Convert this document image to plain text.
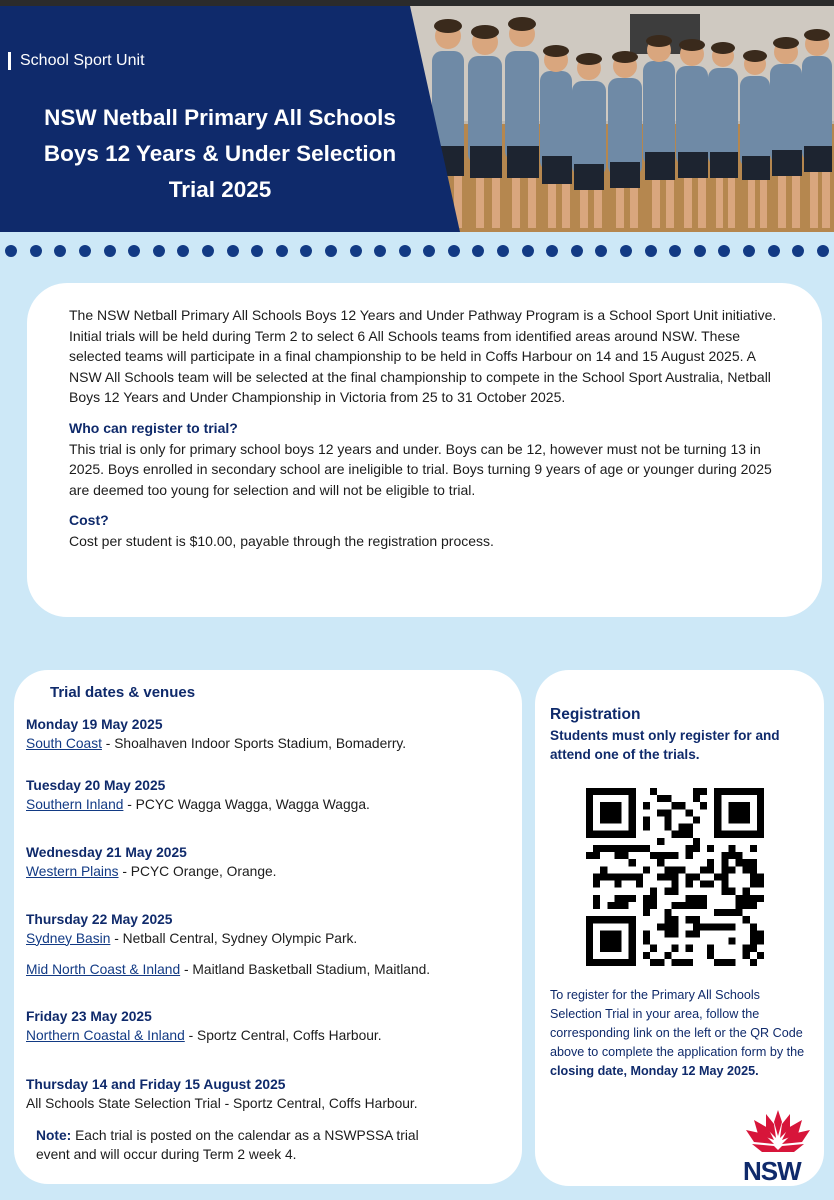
School Sport Unit
NSW Netball Primary All Schools
Boys 12 Years & Under Selection
Trial 2025

The NSW Netball Primary All Schools Boys 12 Years and Under Pathway Program is a School Sport Unit initiative. Initial trials will be held during Term 2 to select 6 All Schools teams from identified areas around NSW. These selected teams will participate in a final championship to be held in Coffs Harbour on 14 and 15 August 2025. A NSW All Schools team will be selected at the final championship to compete in the School Sport Australia, Netball Boys 12 Years and Under Championship in Victoria from 25 to 31 October 2025.

Who can register to trial?

This trial is only for primary school boys 12 years and under. Boys can be 12, however must not be turning 13 in 2025. Boys enrolled in secondary school are ineligible to trial. Boys turning 9 years of age or younger during 2025 are deemed too young for selection and will not be eligible to trial.

Cost?

Cost per student is $10.00, payable through the registration process.

Trial dates & venues
Monday 19 May 2025
South Coast - Shoalhaven Indoor Sports Stadium, Bomaderry.
Tuesday 20 May 2025
Southern Inland - PCYC Wagga Wagga, Wagga Wagga.
Wednesday 21 May 2025
Western Plains - PCYC Orange, Orange.
Thursday 22 May 2025
Sydney Basin - Netball Central, Sydney Olympic Park.
Mid North Coast & Inland - Maitland Basketball Stadium, Maitland.
Friday 23 May 2025
Northern Coastal & Inland - Sportz Central, Coffs Harbour.
Thursday 14 and Friday 15 August 2025
All Schools State Selection Trial - Sportz Central, Coffs Harbour.
Note: Each trial is posted on the calendar as a NSWPSSA trial event and will occur during Term 2 week 4.
Registration
Students must only register for and attend one of the trials.
To register for the Primary All Schools Selection Trial in your area, follow the corresponding link on the left or the QR Code above to complete the application form by the closing date, Monday 12 May 2025.
NSW
